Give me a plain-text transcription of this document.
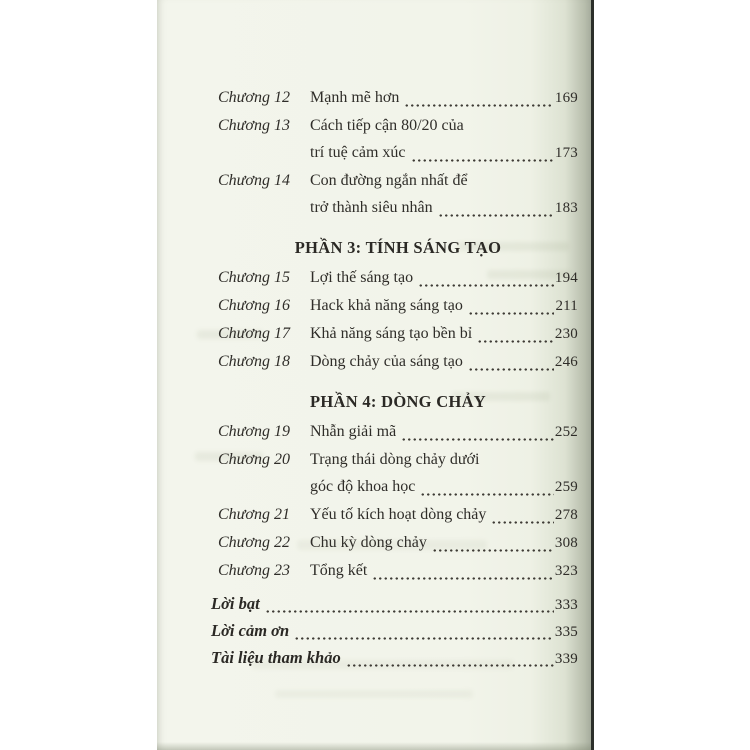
Chương 12	Mạnh mẽ hơn	169
Chương 13	Cách tiếp cận 80/20 của
trí tuệ cảm xúc	173
Chương 14	Con đường ngắn nhất để
trở thành siêu nhân	183
PHẦN 3: TÍNH SÁNG TẠO
Chương 15	Lợi thế sáng tạo	194
Chương 16	Hack khả năng sáng tạo	211
Chương 17	Khả năng sáng tạo bền bỉ	230
Chương 18	Dòng chảy của sáng tạo	246
PHẦN 4: DÒNG CHẢY
Chương 19	Nhẫn giải mã	252
Chương 20	Trạng thái dòng chảy dưới
góc độ khoa học	259
Chương 21	Yếu tố kích hoạt dòng chảy	278
Chương 22	Chu kỳ dòng chảy	308
Chương 23	Tổng kết	323
Lời bạt	333
Lời cảm ơn	335
Tài liệu tham khảo	339
